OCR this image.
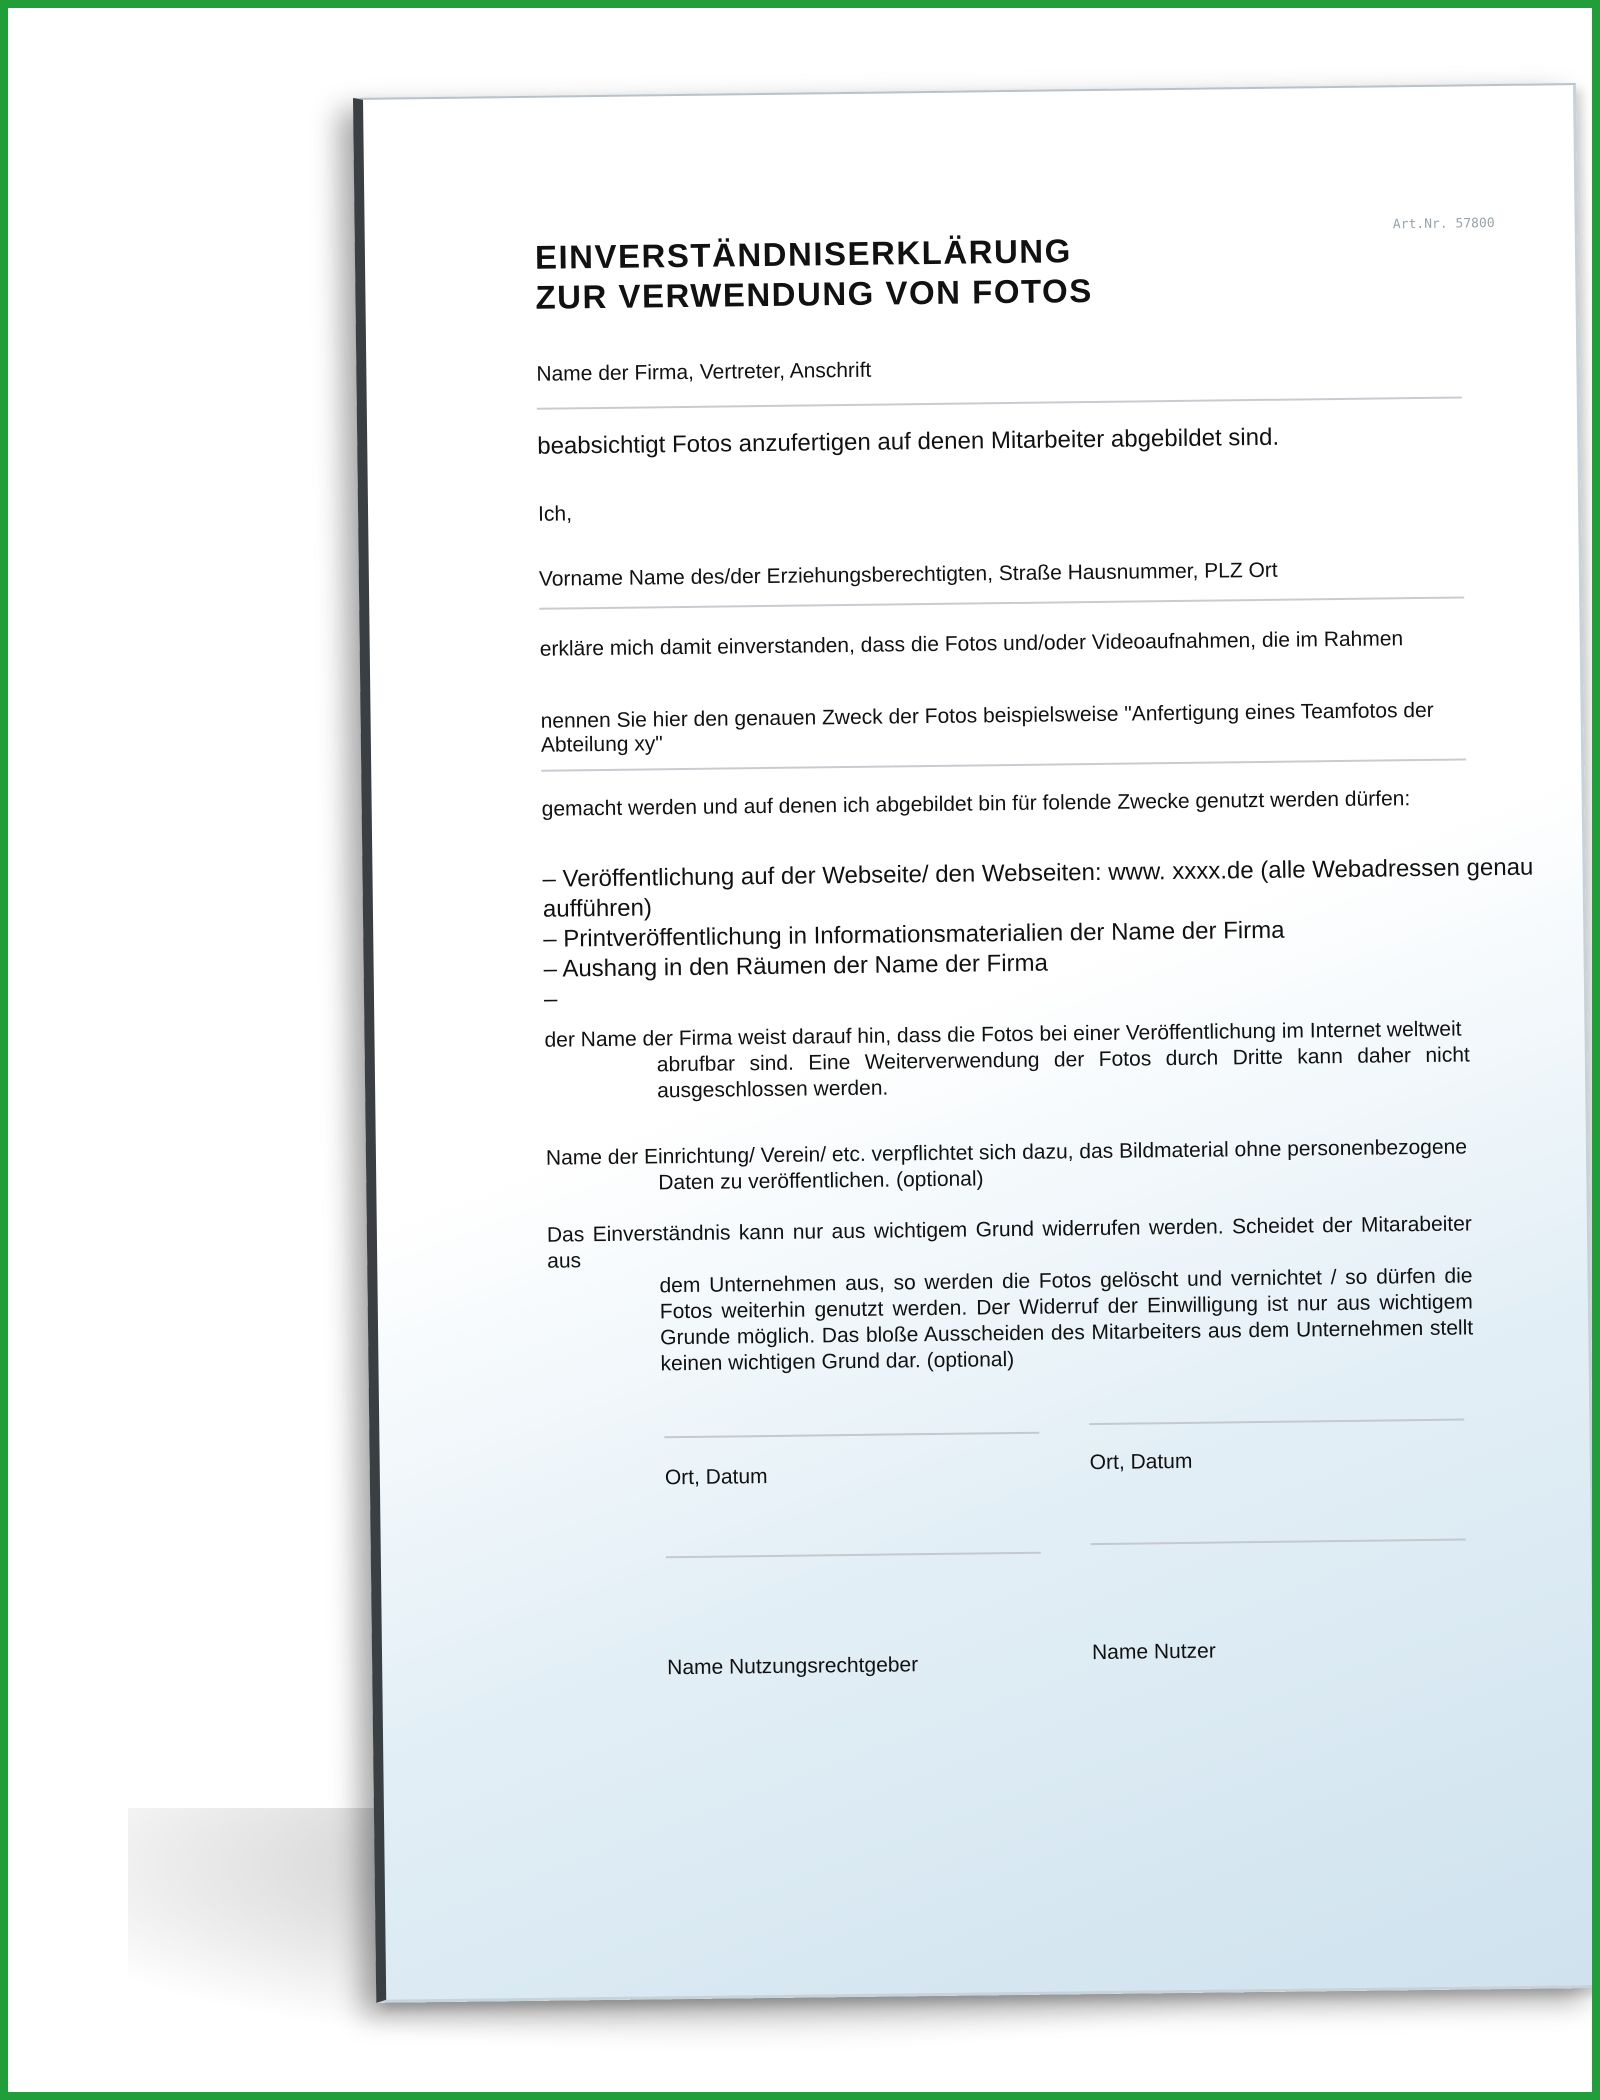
Art.Nr. 57800
EINVERSTÄNDNISERKLÄRUNG
ZUR VERWENDUNG VON FOTOS
Name der Firma, Vertreter, Anschrift
beabsichtigt Fotos anzufertigen auf denen Mitarbeiter abgebildet sind.
Ich,
Vorname Name des/der Erziehungsberechtigten, Straße Hausnummer, PLZ Ort
erkläre mich damit einverstanden, dass die Fotos und/oder Videoaufnahmen, die im Rahmen
nennen Sie hier den genauen Zweck der Fotos beispielsweise "Anfertigung eines Teamfotos der
Abteilung xy"
gemacht werden und auf denen ich abgebildet bin für folende Zwecke genutzt werden dürfen:
– Veröffentlichung auf der Webseite/ den Webseiten: www. xxxx.de (alle Webadressen genau
aufführen)
– Printveröffentlichung in Informationsmaterialien der Name der Firma
– Aushang in den Räumen der Name der Firma
–
der Name der Firma weist darauf hin, dass die Fotos bei einer Veröffentlichung im Internet weltweit
abrufbar sind. Eine Weiterverwendung der Fotos durch Dritte kann daher nicht ausgeschlossen werden.
Name der Einrichtung/ Verein/ etc. verpflichtet sich dazu, das Bildmaterial ohne personenbezogene
Daten zu veröffentlichen. (optional)
Das Einverständnis kann nur aus wichtigem Grund widerrufen werden. Scheidet der Mitarabeiter aus
dem Unternehmen aus, so werden die Fotos gelöscht und vernichtet / so dürfen die Fotos weiterhin genutzt werden. Der Widerruf der Einwilligung ist nur aus wichtigem Grunde möglich. Das bloße Ausscheiden des Mitarbeiters aus dem Unternehmen stellt keinen wichtigen Grund dar. (optional)
Ort, Datum
Ort, Datum
Name Nutzungsrechtgeber
Name Nutzer
